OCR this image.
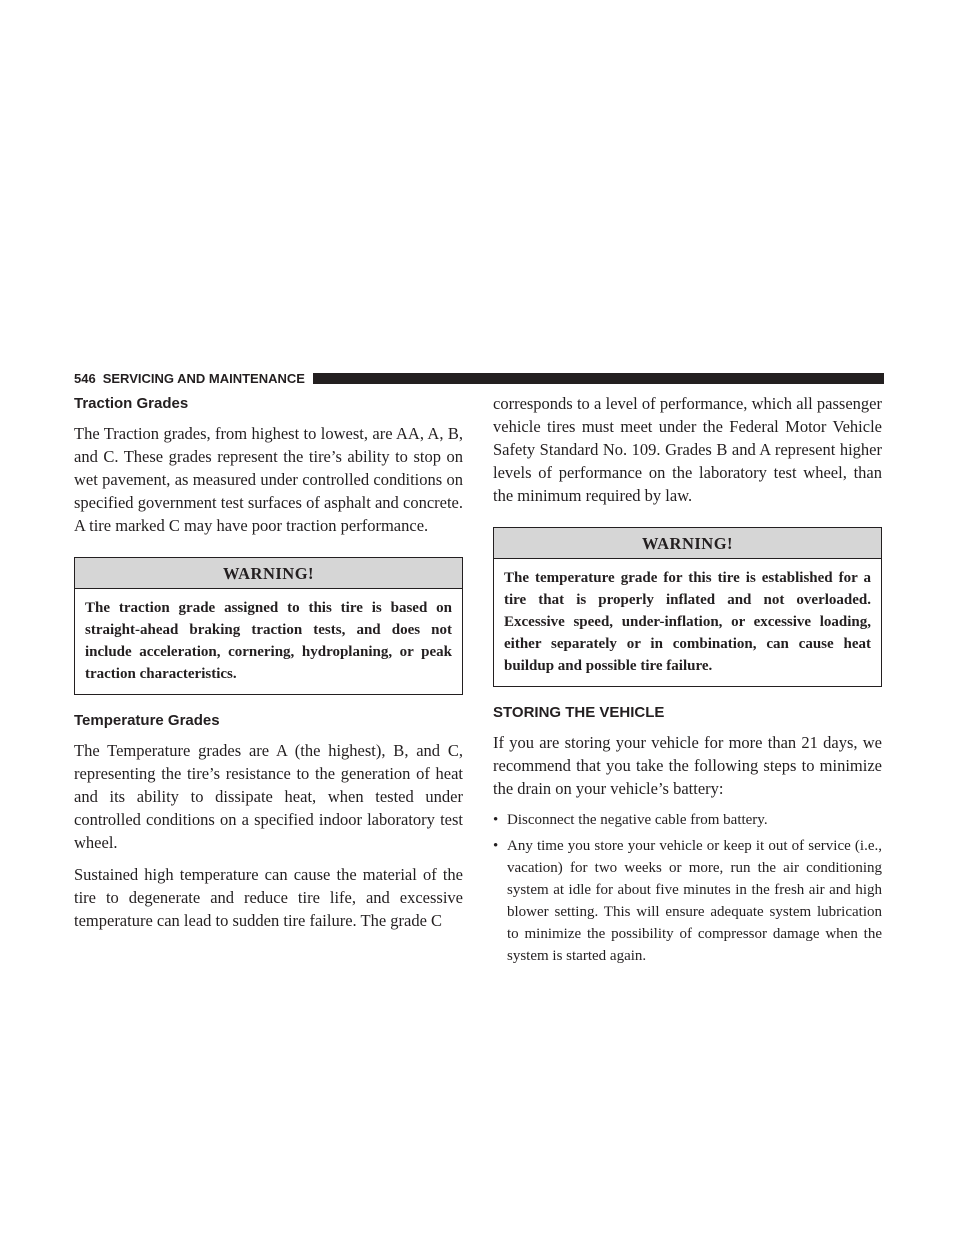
546 SERVICING AND MAINTENANCE
Traction Grades

The Traction grades, from highest to lowest, are AA, A, B, and C. These grades represent the tire’s ability to stop on wet pavement, as measured under controlled conditions on specified government test surfaces of asphalt and concrete. A tire marked C may have poor traction performance.

WARNING!
The traction grade assigned to this tire is based on straight-ahead braking traction tests, and does not include acceleration, cornering, hydroplaning, or peak traction characteristics.
Temperature Grades

The Temperature grades are A (the highest), B, and C, representing the tire’s resistance to the generation of heat and its ability to dissipate heat, when tested under controlled conditions on a specified indoor laboratory test wheel.

Sustained high temperature can cause the material of the tire to degenerate and reduce tire life, and excessive temperature can lead to sudden tire failure. The grade C

corresponds to a level of performance, which all passenger vehicle tires must meet under the Federal Motor Vehicle Safety Standard No. 109. Grades B and A represent higher levels of performance on the laboratory test wheel, than the minimum required by law.

WARNING!
The temperature grade for this tire is established for a tire that is properly inflated and not overloaded. Excessive speed, under-inflation, or excessive loading, either separately or in combination, can cause heat buildup and possible tire failure.
STORING THE VEHICLE

If you are storing your vehicle for more than 21 days, we recommend that you take the following steps to minimize the drain on your vehicle’s battery:

• Disconnect the negative cable from battery.
• Any time you store your vehicle or keep it out of service (i.e., vacation) for two weeks or more, run the air conditioning system at idle for about five minutes in the fresh air and high blower setting. This will ensure adequate system lubrication to minimize the possibility of compressor damage when the system is started again.
